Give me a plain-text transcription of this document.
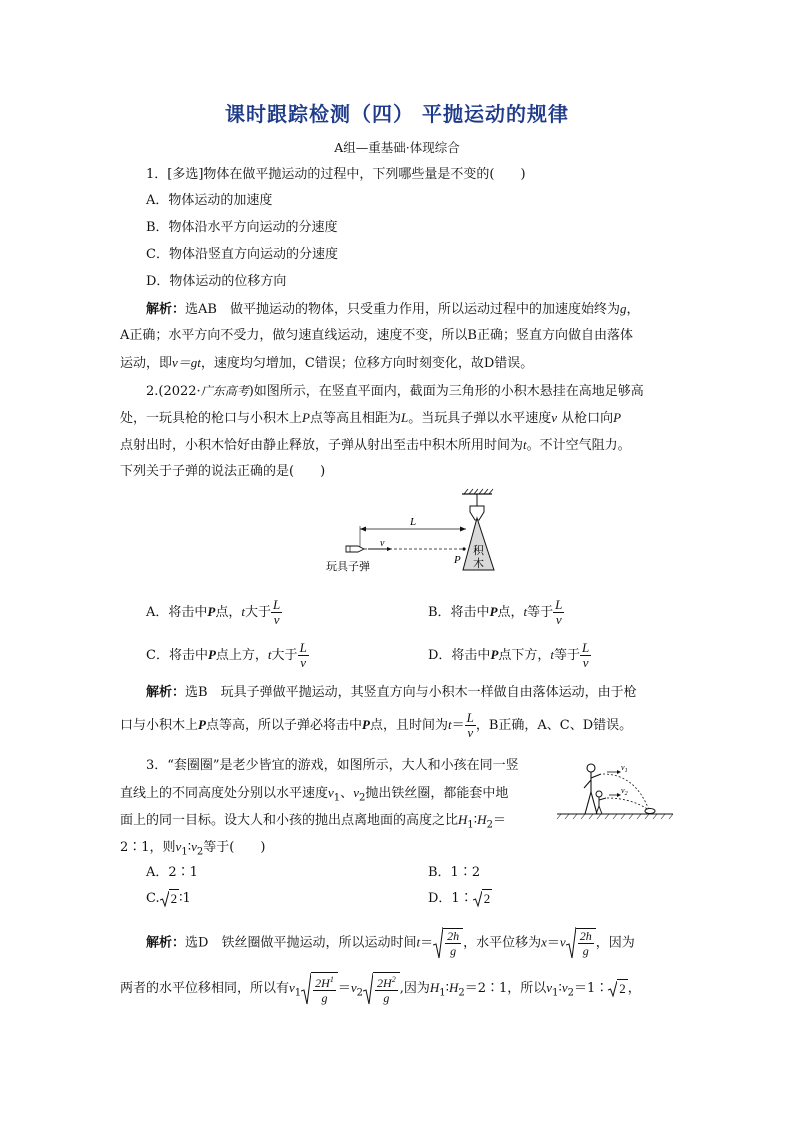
课时跟踪检测（四） 平抛运动的规律
A组—重基础·体现综合
1．[多选]物体在做平抛运动的过程中，下列哪些量是不变的(　　)
A．物体运动的加速度
B．物体沿水平方向运动的分速度
C．物体沿竖直方向运动的分速度
D．物体运动的位移方向
解析：选AB　做平抛运动的物体，只受重力作用，所以运动过程中的加速度始终为g，
A正确；水平方向不受力，做匀速直线运动，速度不变，所以B正确；竖直方向做自由落体
运动，即v＝gt，速度均匀增加，C错误；位移方向时刻变化，故D错误。
2.(2022·广东高考)如图所示，在竖直平面内，截面为三角形的小积木悬挂在高地足够高
处，一玩具枪的枪口与小积木上P点等高且相距为L。当玩具子弹以水平速度v 从枪口向P
点射出时，小积木恰好由静止释放，子弹从射出至击中积木所用时间为t。不计空气阻力。
下列关于子弹的说法正确的是(　　)
L
v
P
积
木
玩具子弹
A．将击中P点，t大于 $\frac{L}{v}$	B．将击中P点，t等于 $\frac{L}{v}$
C．将击中P点上方，t大于 $\frac{L}{v}$	D．将击中P点下方，t等于 $\frac{L}{v}$
解析：选B　玩具子弹做平抛运动，其竖直方向与小积木一样做自由落体运动，由于枪
口与小积木上P点等高，所以子弹必将击中P点，且时间为$t= \frac{L}{v}$ ，B正确，A、C、D错误。
3．“套圈圈”是老少皆宜的游戏，如图所示，大人和小孩在同一竖
直线上的不同高度处分别以水平速度$v_1$、$v_2$抛出铁丝圈，都能套中地
面上的同一目标。设大人和小孩的抛出点离地面的高度之比$H_1∶H_2=$
2∶1，则$v_1∶v_2$等于(　　)
$v_1$
$v_2$
A．2∶1	B．1∶2
C. 2 ∶1	D．1∶ 2
解析：选D　铁丝圈做平抛运动，所以运动时间$t= \frac{2h}{g}$ ，水平位移为$x=v \frac{2h}{g}$ ，因为
两者的水平位移相同，所以有$v_1 \frac{2H^1}{g} =v_2 \frac{2H^2}{g}$ ,因为$H_1∶H_2=2∶1$，所以$v_1∶v_2=1∶$ 2 ，
